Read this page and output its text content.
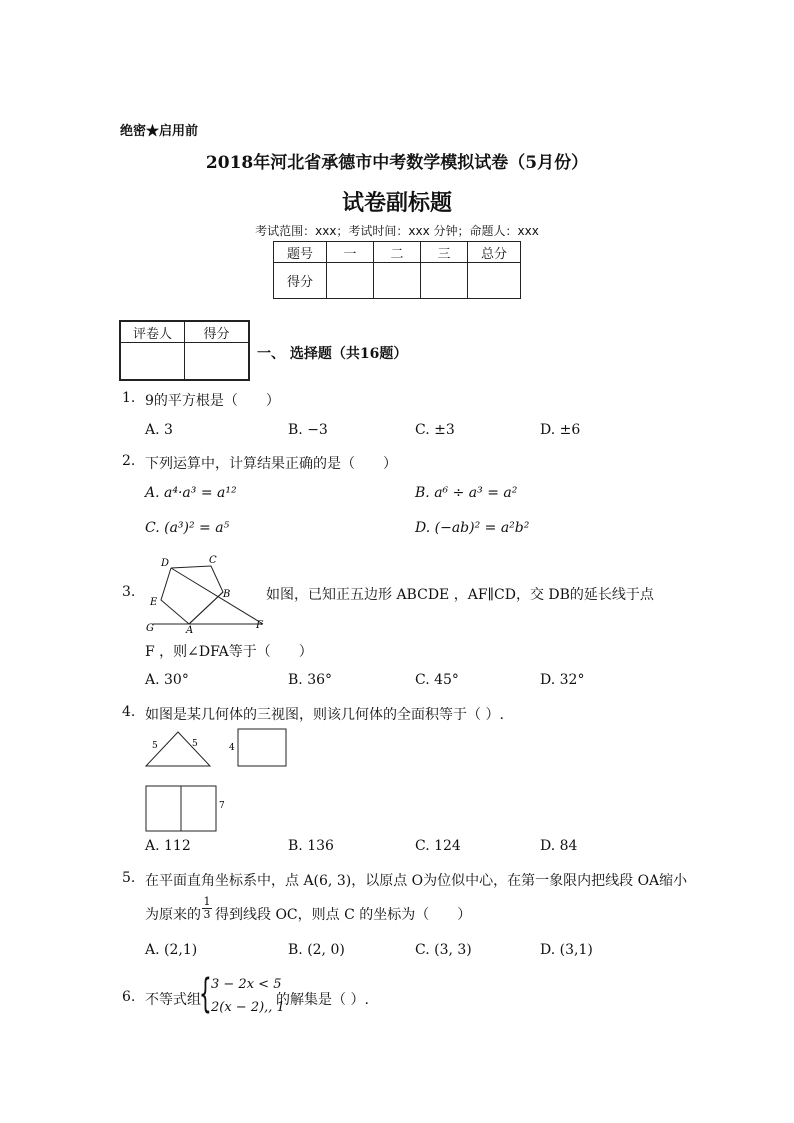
绝密★启用前
2018年河北省承德市中考数学模拟试卷（5月份）
试卷副标题
考试范围：xxx；考试时间：xxx 分钟；命题人：xxx
题号	一	二	三	总分
得分				
评卷人	得分

一、 选择题（共16题）
1. 9的平方根是（　　）
A. 3	B. −3	C. ±3	D. ±6
2. 下列运算中，计算结果正确的是（　　）
A. a⁴·a³ = a¹²	B. a⁶ ÷ a³ = a²
C. (a³)² = a⁵	D. (−ab)² = a²b²
3.
D	C
B
E
A
G	F
如图，已知正五边形 ABCDE ，AF∥CD，交 DB的延长线于点
F ，则∠DFA等于（　　）
A. 30°	B. 36°	C. 45°	D. 32°
4. 如图是某几何体的三视图，则该几何体的全面积等于（ ）.
5	5	4
7
A. 112	B. 136	C. 124	D. 84
5. 在平面直角坐标系中，点 A(6, 3)，以原点 O为位似中心，在第一象限内把线段 OA缩小
为原来的 $\frac{1}{3}$ 得到线段 OC，则点 C 的坐标为（　　）
A. (2,1)	B. (2, 0)	C. (3, 3)	D. (3,1)
6. 不等式组
{ 3 − 2x < 5
2(x − 2),, 1
的解集是（ ）.
